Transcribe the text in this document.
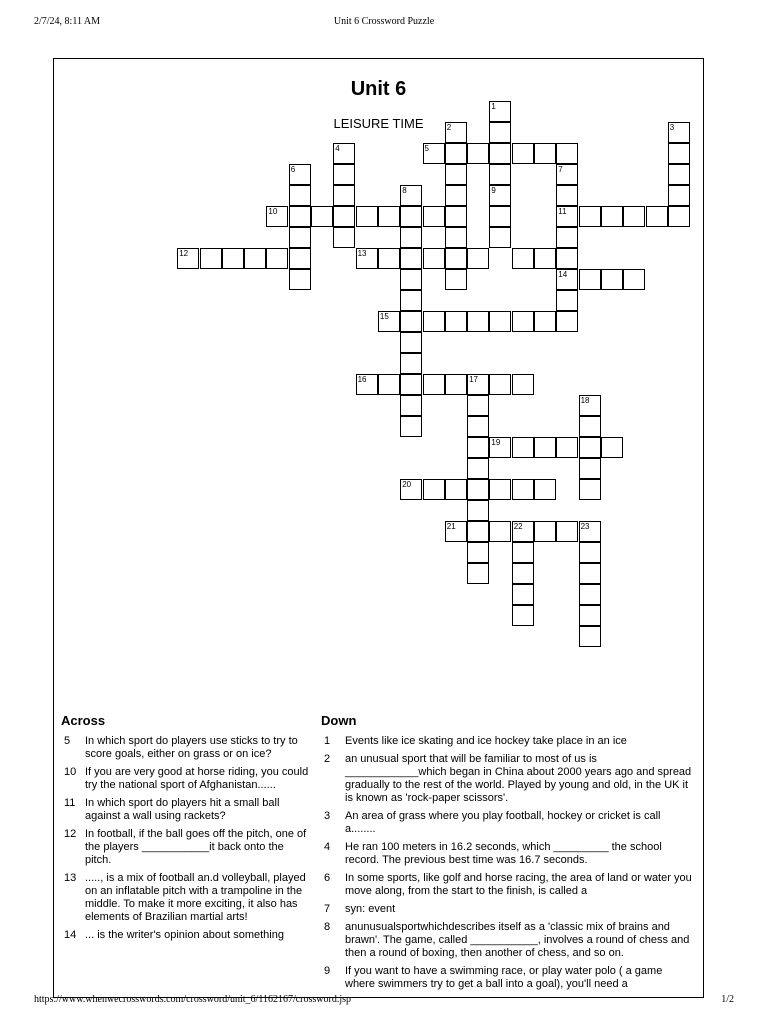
2/7/24, 8:11 AM	Unit 6 Crossword Puzzle
Unit 6
LEISURE TIME
1
9
2	3
4	5
6	7
11
14
8
10
12	13
15
16	17
18
19
20
21	22	23
Across
5 In which sport do players use sticks to try to score goals, either on grass or on ice?
10 If you are very good at horse riding, you could try the national sport of Afghanistan......
11 In which sport do players hit a small ball against a wall using rackets?
12 In football, if the ball goes off the pitch, one of the players ___________it back onto the pitch.
13 ....., is a mix of football an.d volleyball, played on an inflatable pitch with a trampoline in the middle. To make it more exciting, it also has elements of Brazilian martial arts!
14 ... is the writer's opinion about something
Down
1 Events like ice skating and ice hockey take place in an ice
2 an unusual sport that will be familiar to most of us is ____________which began in China about 2000 years ago and spread gradually to the rest of the world. Played by young and old, in the UK it is known as 'rock-paper scissors'.
3 An area of grass where you play football, hockey or cricket is call a........
4 He ran 100 meters in 16.2 seconds, which _________ the school record. The previous best time was 16.7 seconds.
6 In some sports, like golf and horse racing, the area of land or water you move along, from the start to the finish, is called a
7 syn: event
8 anunusualsportwhichdescribes itself as a 'classic mix of brains and brawn'. The game, called ___________, involves a round of chess and then a round of boxing, then another of chess, and so on.
9 If you want to have a swimming race, or play water polo ( a game where swimmers try to get a ball into a goal), you'll need a
https://www.whenwecrosswords.com/crossword/unit_6/1162167/crossword.jsp	1/2
